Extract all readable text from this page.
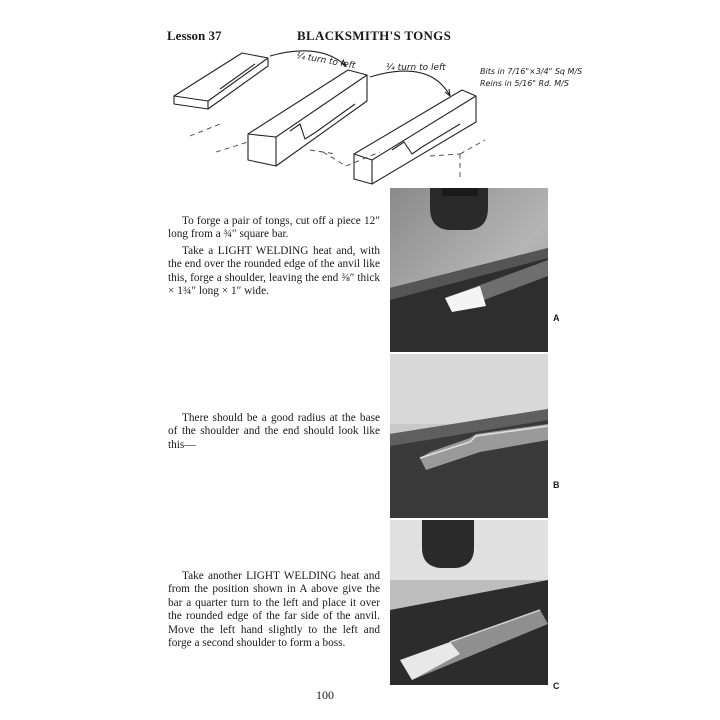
Lesson 37	BLACKSMITH'S TONGS
¼ turn to left	¼ turn to left	Bits in 7/16"×3/4" Sq M/S
Reins in 5/16" Rd. M/S

To forge a pair of tongs, cut off a piece 12″ long from a ¾″ square bar.

Take a LIGHT WELDING heat and, with the end over the rounded edge of the anvil like this, forge a shoulder, leaving the end ⅜″ thick × 1¾″ long × 1″ wide.

There should be a good radius at the base of the shoulder and the end should look like this—

Take another LIGHT WELDING heat and from the position shown in A above give the bar a quarter turn to the left and place it over the rounded edge of the far side of the anvil. Move the left hand slightly to the left and forge a second shoulder to form a boss.

A
B
C
100
